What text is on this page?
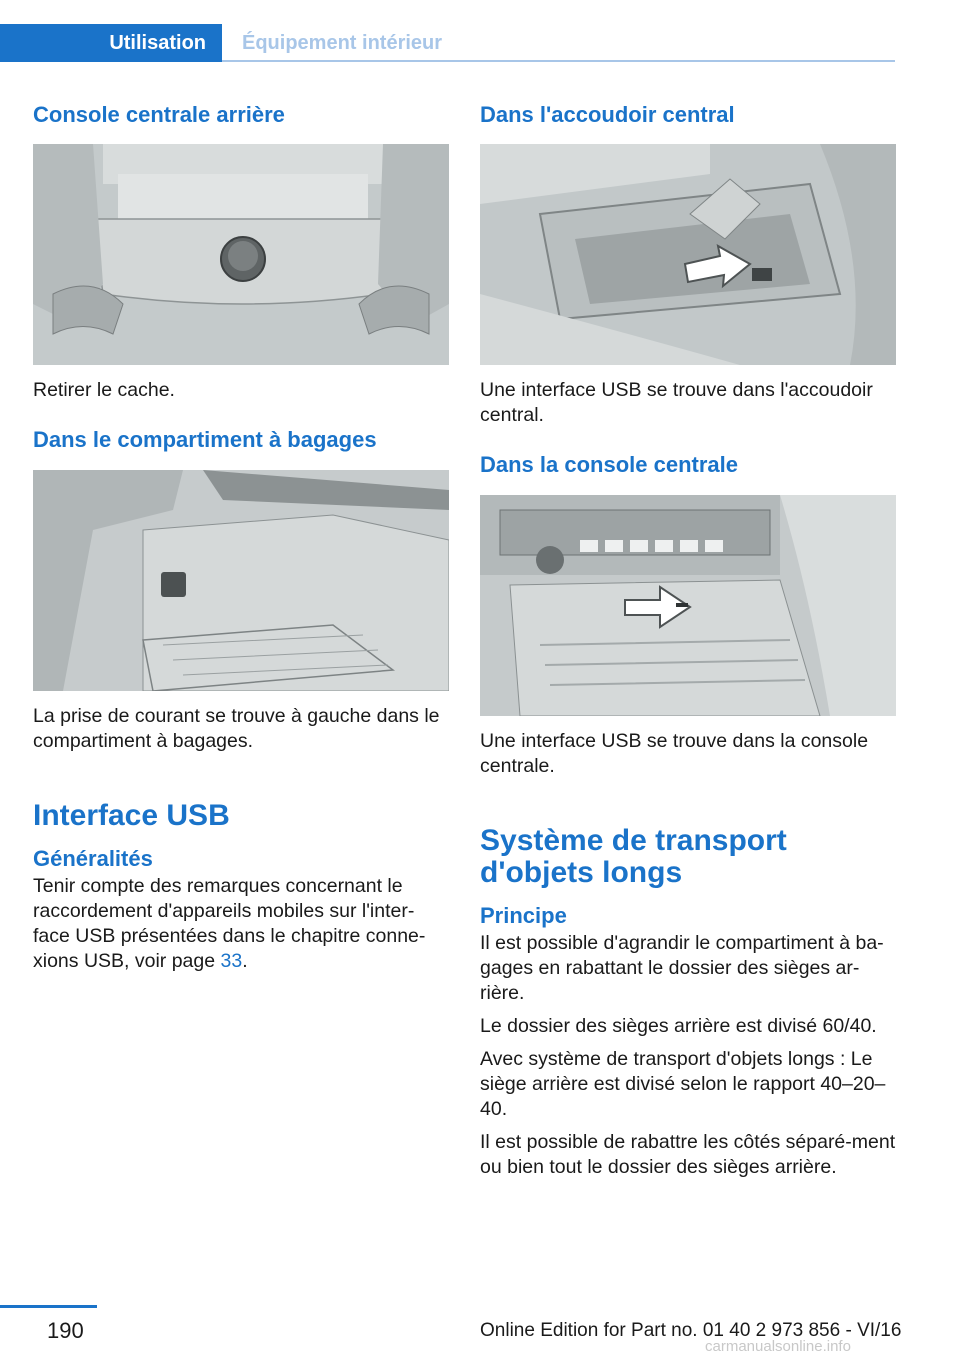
Utilisation Équipement intérieur
Console centrale arrière

Retirer le cache.

Dans le compartiment à bagages

La prise de courant se trouve à gauche dans le compartiment à bagages.

Interface USB
Généralités

Tenir compte des remarques concernant le raccordement d'appareils mobiles sur l'inter-face USB présentées dans le chapitre conne-xions USB, voir page 33.

Dans l'accoudoir central

Une interface USB se trouve dans l'accoudoir central.

Dans la console centrale

Une interface USB se trouve dans la console centrale.

Système de transport d'objets longs
Principe

Il est possible d'agrandir le compartiment à ba-gages en rabattant le dossier des sièges ar-rière.

Le dossier des sièges arrière est divisé 60/40.

Avec système de transport d'objets longs : Le siège arrière est divisé selon le rapport 40–20–40.

Il est possible de rabattre les côtés séparé-ment ou bien tout le dossier des sièges arrière.

190	Online Edition for Part no. 01 40 2 973 856 - VI/16
carmanualsonline.info
